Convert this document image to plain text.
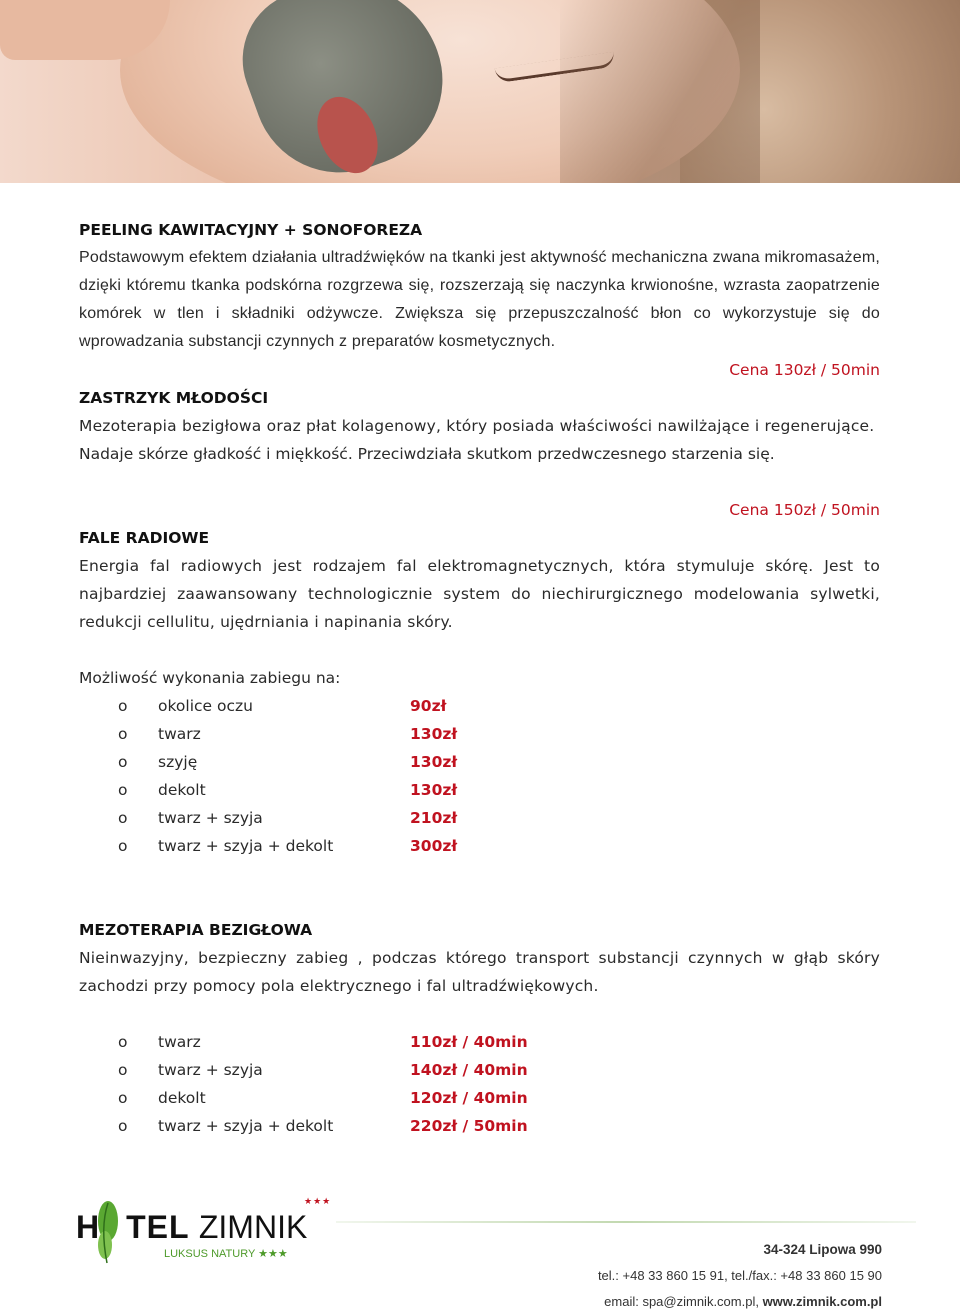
PEELING KAWITACYJNY + SONOFOREZA

Podstawowym efektem działania ultradźwięków na tkanki jest aktywność mechaniczna zwana mikromasażem, dzięki któremu tkanka podskórna rozgrzewa się, rozszerzają się naczynka krwionośne, wzrasta zaopatrzenie komórek w tlen i składniki odżywcze. Zwiększa się przepuszczalność błon co wykorzystuje się do wprowadzania substancji czynnych z preparatów kosmetycznych.

Cena 130zł / 50min
ZASTRZYK MŁODOŚCI

Mezoterapia bezigłowa oraz płat kolagenowy, który posiada właściwości nawilżające i regenerujące.

Nadaje skórze gładkość i miękkość. Przeciwdziała skutkom przedwczesnego starzenia się.

Cena 150zł / 50min
FALE RADIOWE

Energia fal radiowych jest rodzajem fal elektromagnetycznych, która stymuluje skórę. Jest to najbardziej zaawansowany technologicznie system do niechirurgicznego modelowania sylwetki, redukcji cellulitu, ujędrniania i napinania skóry.

Możliwość wykonania zabiegu na:
o	okolice oczu	90zł
o	twarz	130zł
o	szyję	130zł
o	dekolt	130zł
o	twarz + szyja	210zł
o	twarz + szyja + dekolt	300zł
MEZOTERAPIA BEZIGŁOWA

Nieinwazyjny, bezpieczny zabieg , podczas którego transport substancji czynnych w głąb skóry zachodzi przy pomocy pola elektrycznego i fal ultradźwiękowych.

o	twarz	110zł / 40min
o	twarz + szyja	140zł / 40min
o	dekolt	120zł / 40min
o	twarz + szyja + dekolt	220zł / 50min
H TEL ZIMNIK
★★★
LUKSUS NATURY ★★★	34-324 Lipowa 990
tel.: +48 33 860 15 91, tel./fax.: +48 33 860 15 90
email: spa@zimnik.com.pl, www.zimnik.com.pl
